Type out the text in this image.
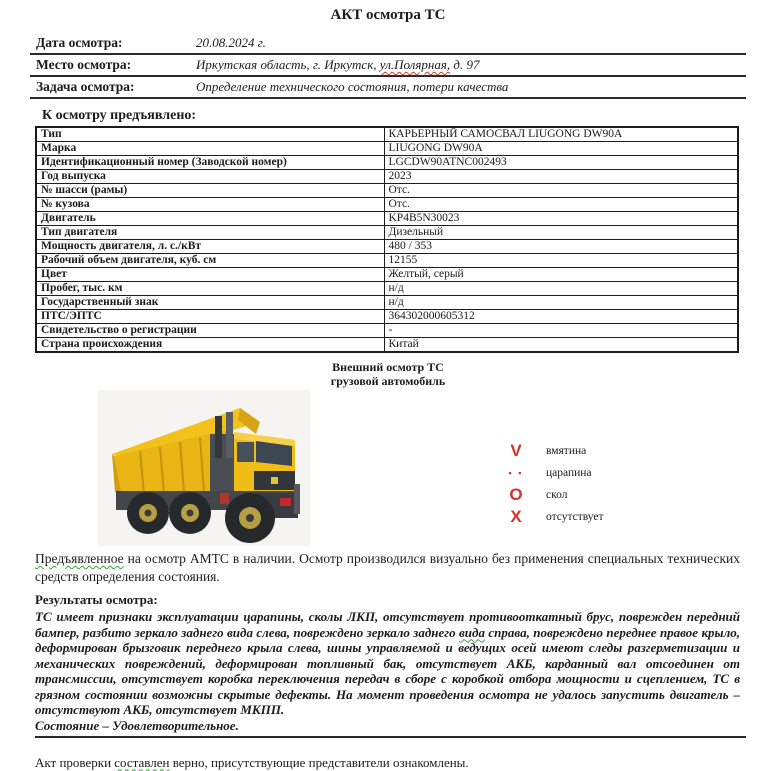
АКТ осмотра ТС
Дата осмотра:	20.08.2024 г.
Место осмотра:	Иркутская область, г. Иркутск, ул.Полярная, д. 97
Задача осмотра:	Определение технического состояния, потери качества
К осмотру предъявлено:
Тип	КАРЬЕРНЫЙ САМОСВАЛ LIUGONG DW90A
Марка	LIUGONG DW90A
Идентификационный номер (Заводской номер)	LGCDW90ATNC002493
Год выпуска	2023
№ шасси (рамы)	Отс.
№ кузова	Отс.
Двигатель	KP4B5N30023
Тип двигателя	Дизельный
Мощность двигателя, л. с./кВт	480 / 353
Рабочий объем двигателя, куб. см	12155
Цвет	Желтый, серый
Пробег, тыс. км	н/д
Государственный знак	н/д
ПТС/ЭПТС	364302000605312
Свидетельство о регистрации	-
Страна происхождения	Китай
Внешний осмотр ТС
грузовой автомобиль
V	вмятина
▪ ▪	царапина
O	скол
X	отсутствует
Предъявленное на осмотр АМТС в наличии. Осмотр производился визуально без применения специальных технических средств определения состояния.
Результаты осмотра:
ТС имеет признаки эксплуатации царапины, сколы ЛКП, отсутствует противооткатный брус, поврежден передний бампер, разбито зеркало заднего вида слева, повреждено зеркало заднего вида справа, повреждено переднее правое крыло, деформирован брызговик переднего крыла слева, шины управляемой и ведущих осей имеют следы разгерметизации и механических повреждений, деформирован топливный бак, отсутствует АКБ, карданный вал отсоединен от трансмиссии, отсутствует коробка переключения передач в сборе с коробкой отбора мощности и сцеплением, ТС в грязном состоянии возможны скрытые дефекты. На момент проведения осмотра не удалось запустить двигатель – отсутствуют АКБ, отсутствует МКПП.
Состояние – Удовлетворительное.
Акт проверки составлен верно, присутствующие представители ознакомлены.
